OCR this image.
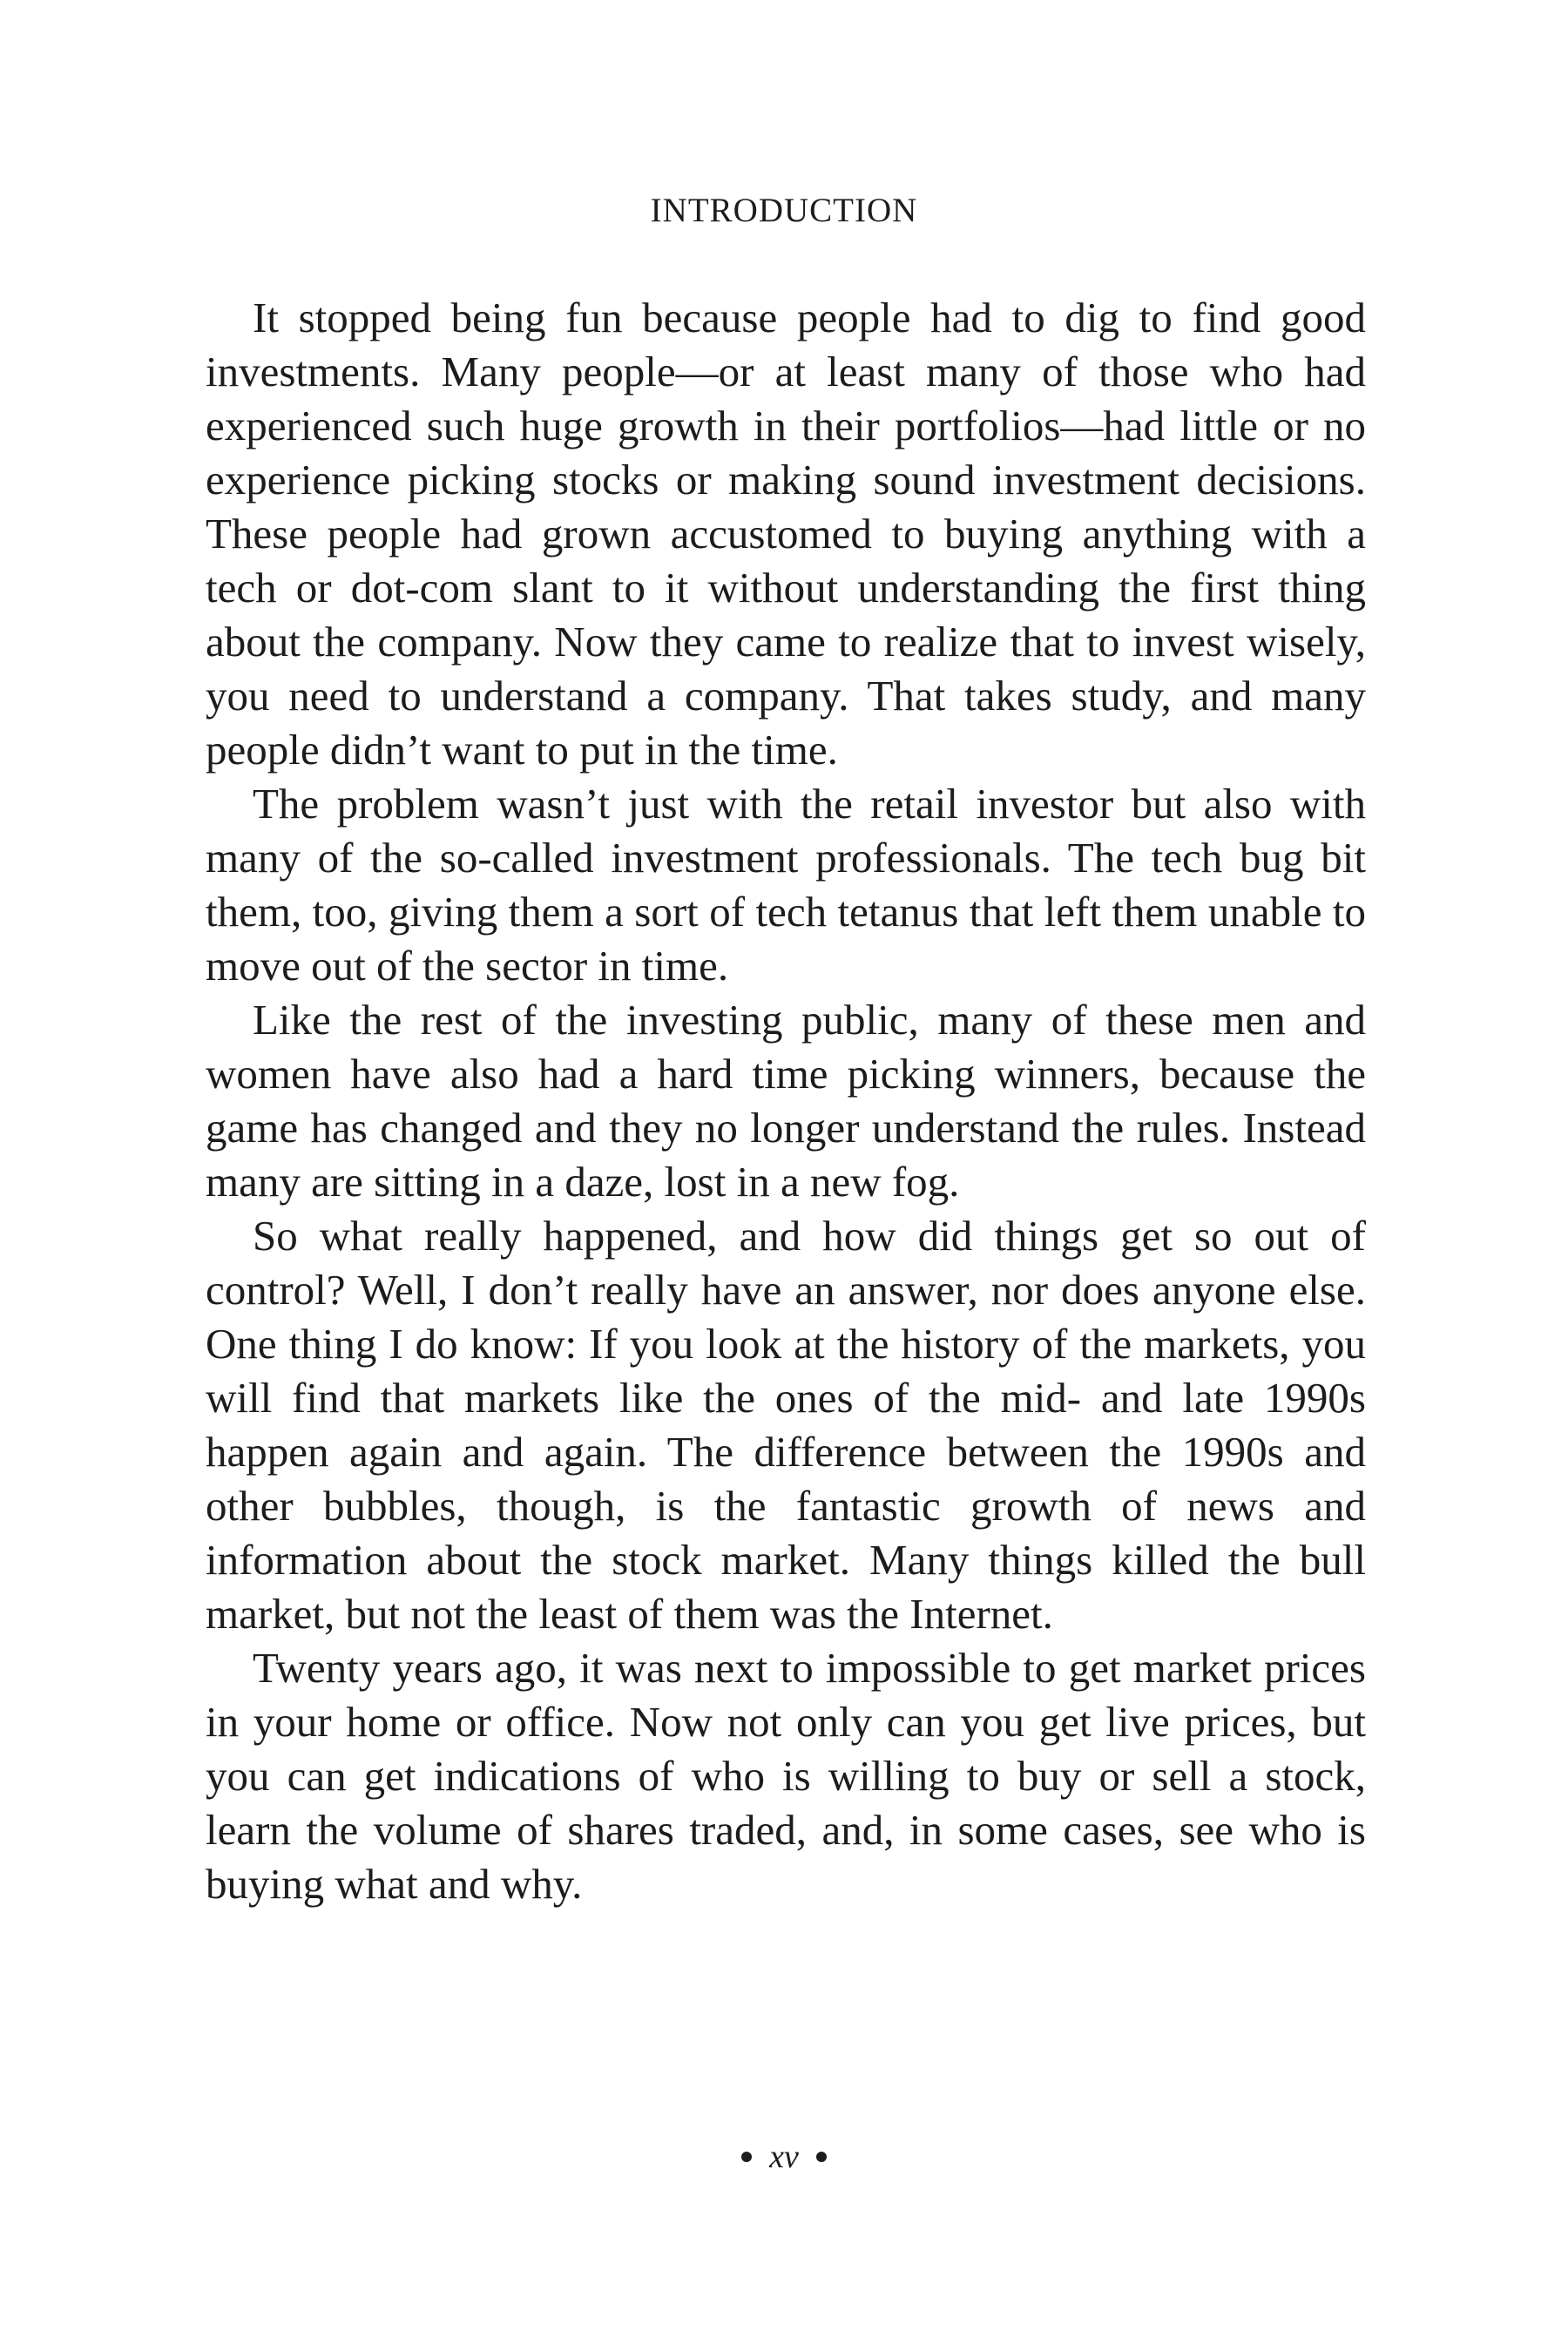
INTRODUCTION

It stopped being fun because people had to dig to find good investments. Many people—or at least many of those who had experienced such huge growth in their portfolios—had little or no experience picking stocks or making sound investment decisions. These people had grown accustomed to buying anything with a tech or dot-com slant to it without understanding the first thing about the company. Now they came to realize that to invest wisely, you need to understand a company. That takes study, and many people didn’t want to put in the time.

The problem wasn’t just with the retail investor but also with many of the so-called investment professionals. The tech bug bit them, too, giving them a sort of tech tetanus that left them unable to move out of the sector in time.

Like the rest of the investing public, many of these men and women have also had a hard time picking winners, because the game has changed and they no longer understand the rules. Instead many are sitting in a daze, lost in a new fog.

So what really happened, and how did things get so out of control? Well, I don’t really have an answer, nor does anyone else. One thing I do know: If you look at the history of the markets, you will find that markets like the ones of the mid- and late 1990s happen again and again. The difference between the 1990s and other bubbles, though, is the fantastic growth of news and information about the stock market. Many things killed the bull market, but not the least of them was the Internet.

Twenty years ago, it was next to impossible to get market prices in your home or office. Now not only can you get live prices, but you can get indications of who is willing to buy or sell a stock, learn the volume of shares traded, and, in some cases, see who is buying what and why.

xv
